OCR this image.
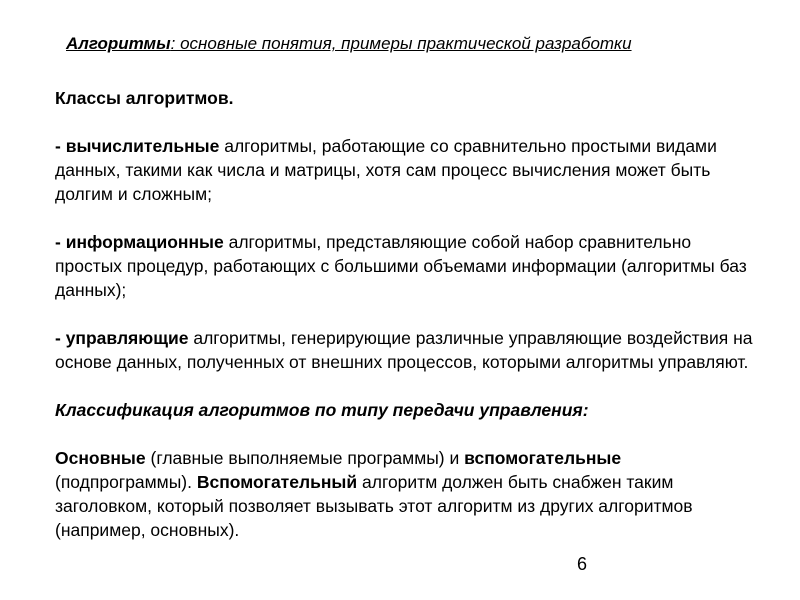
Алгоритмы: основные понятия, примеры практической разработки

Классы алгоритмов.

- вычислительные алгоритмы, работающие со сравнительно простыми видами данных, такими как числа и матрицы, хотя сам процесс вычисления может быть долгим и сложным;

- информационные алгоритмы, представляющие собой набор сравнительно простых процедур, работающих с большими объемами информации (алгоритмы баз данных);

- управляющие алгоритмы, генерирующие различные управляющие воздействия на основе данных, полученных от внешних процессов, которыми алгоритмы управляют.

Классификация алгоритмов по типу передачи управления:

Основные (главные выполняемые программы) и вспомогательные (подпрограммы). Вспомогательный алгоритм должен быть снабжен таким заголовком, который позволяет вызывать этот алгоритм из других алгоритмов (например, основных).

6
